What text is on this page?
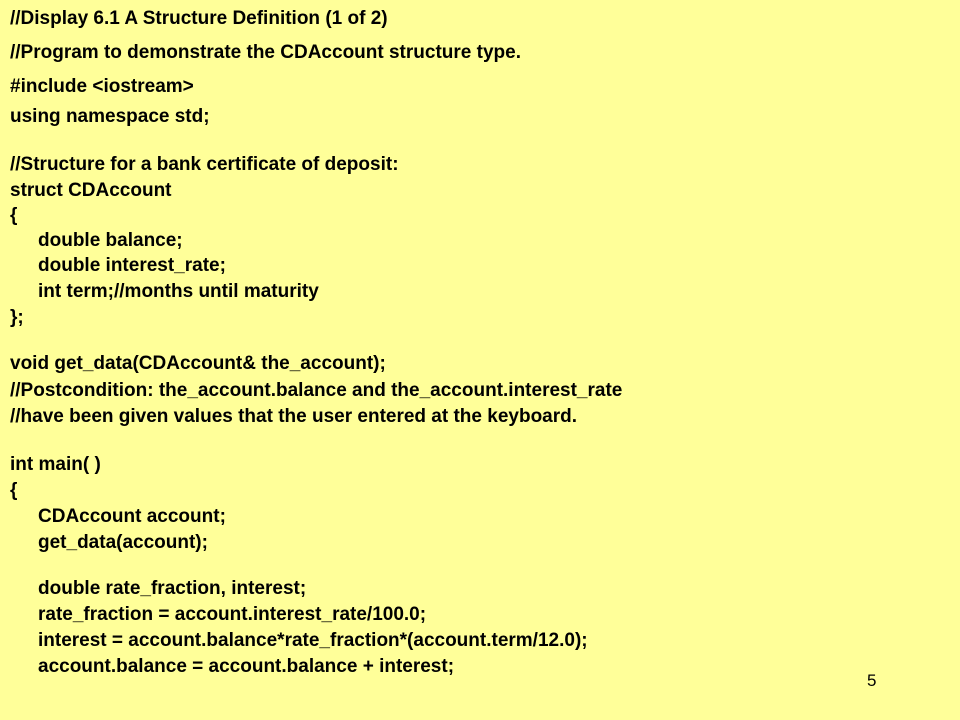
//Display 6.1 A Structure Definition (1 of 2)
//Program to demonstrate the CDAccount structure type.
#include <iostream>
using namespace std;
//Structure for a bank certificate of deposit:
struct CDAccount
{
double balance;
double interest_rate;
int term;//months until maturity
};
void get_data(CDAccount& the_account);
//Postcondition: the_account.balance and the_account.interest_rate
//have been given values that the user entered at the keyboard.
int main( )
{
CDAccount account;
get_data(account);
double rate_fraction, interest;
rate_fraction = account.interest_rate/100.0;
interest = account.balance*rate_fraction*(account.term/12.0);
account.balance = account.balance + interest;
5
